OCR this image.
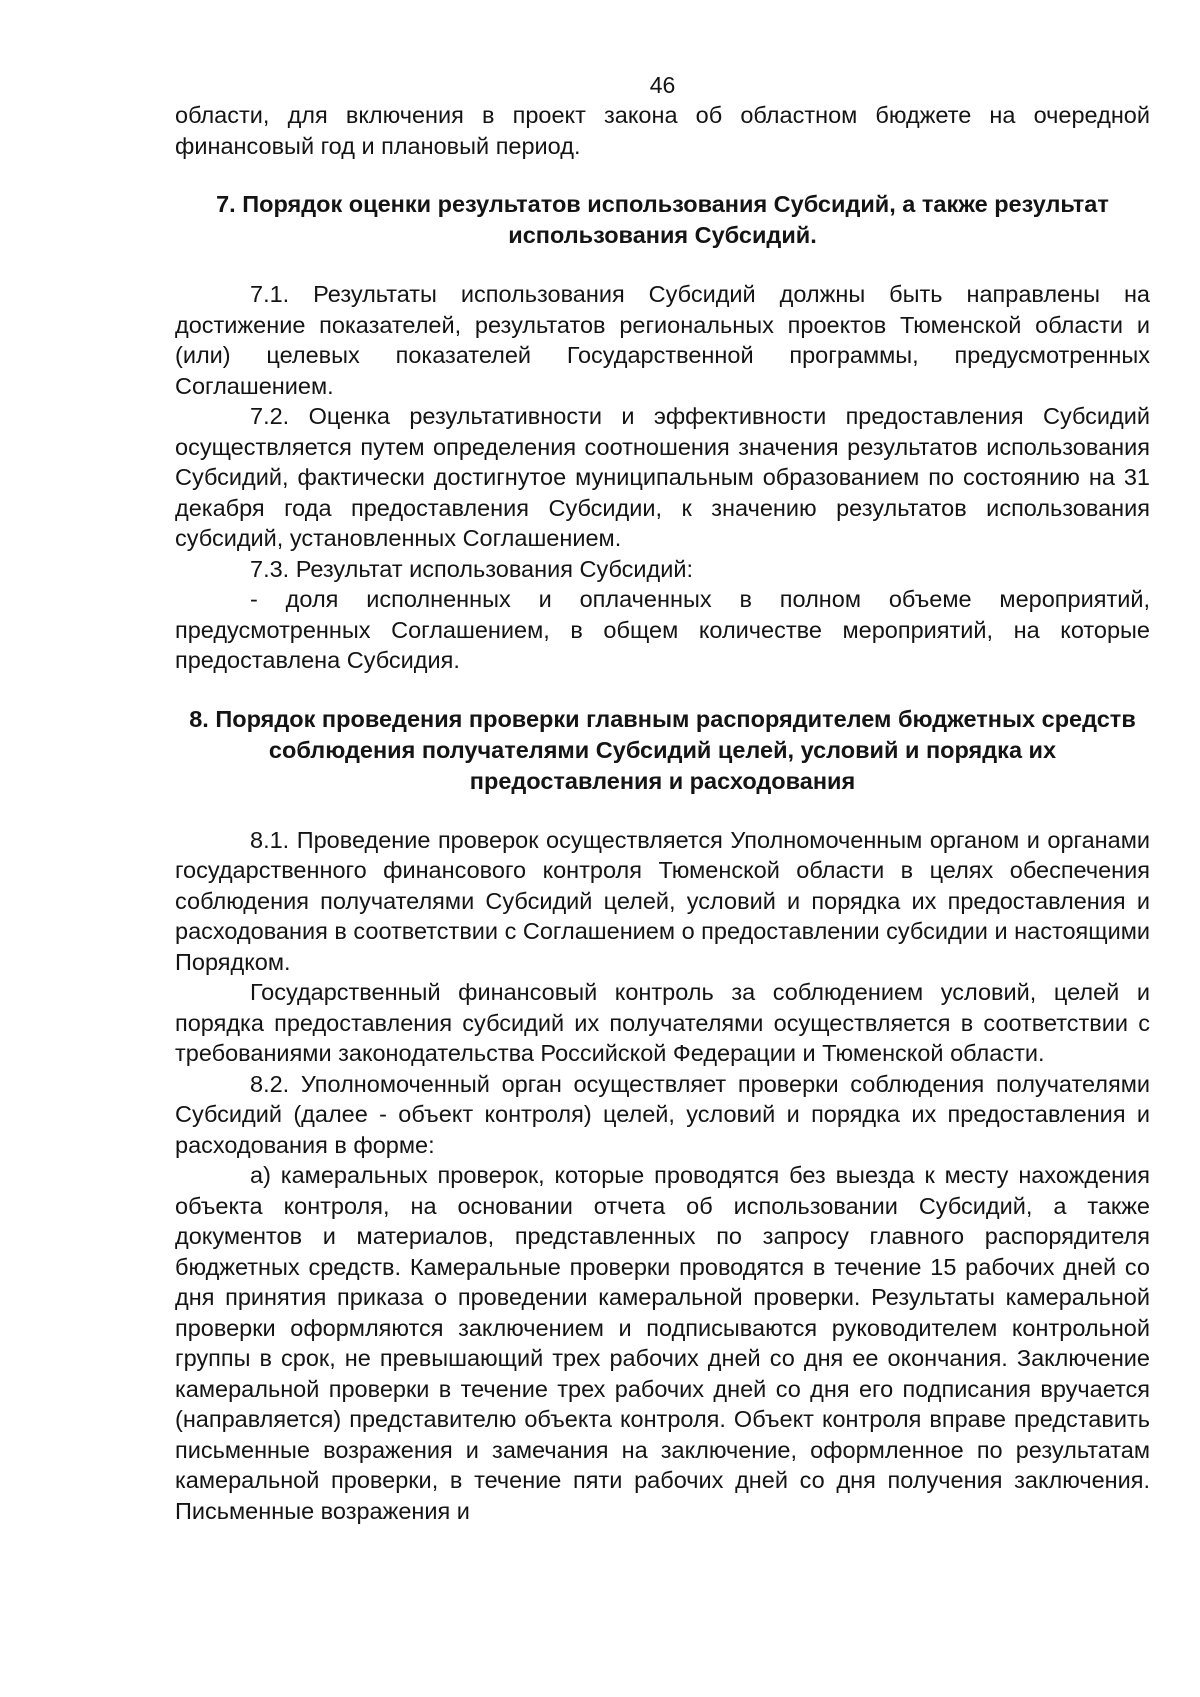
46

области, для включения в проект закона об областном бюджете на очередной финансовый год и плановый период.

7. Порядок оценки результатов использования Субсидий, а также результат использования Субсидий.

7.1. Результаты использования Субсидий должны быть направлены на достижение показателей, результатов региональных проектов Тюменской области и (или) целевых показателей Государственной программы, предусмотренных Соглашением.

7.2. Оценка результативности и эффективности предоставления Субсидий осуществляется путем определения соотношения значения результатов использования Субсидий, фактически достигнутое муниципальным образованием по состоянию на 31 декабря года предоставления Субсидии, к значению результатов использования субсидий, установленных Соглашением.

7.3. Результат использования Субсидий:

- доля исполненных и оплаченных в полном объеме мероприятий, предусмотренных Соглашением, в общем количестве мероприятий, на которые предоставлена Субсидия.

8. Порядок проведения проверки главным распорядителем бюджетных средств соблюдения получателями Субсидий целей, условий и порядка их предоставления и расходования

8.1. Проведение проверок осуществляется Уполномоченным органом и органами государственного финансового контроля Тюменской области в целях обеспечения соблюдения получателями Субсидий целей, условий и порядка их предоставления и расходования в соответствии с Соглашением о предоставлении субсидии и настоящими Порядком.

Государственный финансовый контроль за соблюдением условий, целей и порядка предоставления субсидий их получателями осуществляется в соответствии с требованиями законодательства Российской Федерации и Тюменской области.

8.2. Уполномоченный орган осуществляет проверки соблюдения получателями Субсидий (далее - объект контроля) целей, условий и порядка их предоставления и расходования в форме:

а) камеральных проверок, которые проводятся без выезда к месту нахождения объекта контроля, на основании отчета об использовании Субсидий, а также документов и материалов, представленных по запросу главного распорядителя бюджетных средств. Камеральные проверки проводятся в течение 15 рабочих дней со дня принятия приказа о проведении камеральной проверки. Результаты камеральной проверки оформляются заключением и подписываются руководителем контрольной группы в срок, не превышающий трех рабочих дней со дня ее окончания. Заключение камеральной проверки в течение трех рабочих дней со дня его подписания вручается (направляется) представителю объекта контроля. Объект контроля вправе представить письменные возражения и замечания на заключение, оформленное по результатам камеральной проверки, в течение пяти рабочих дней со дня получения заключения. Письменные возражения и
